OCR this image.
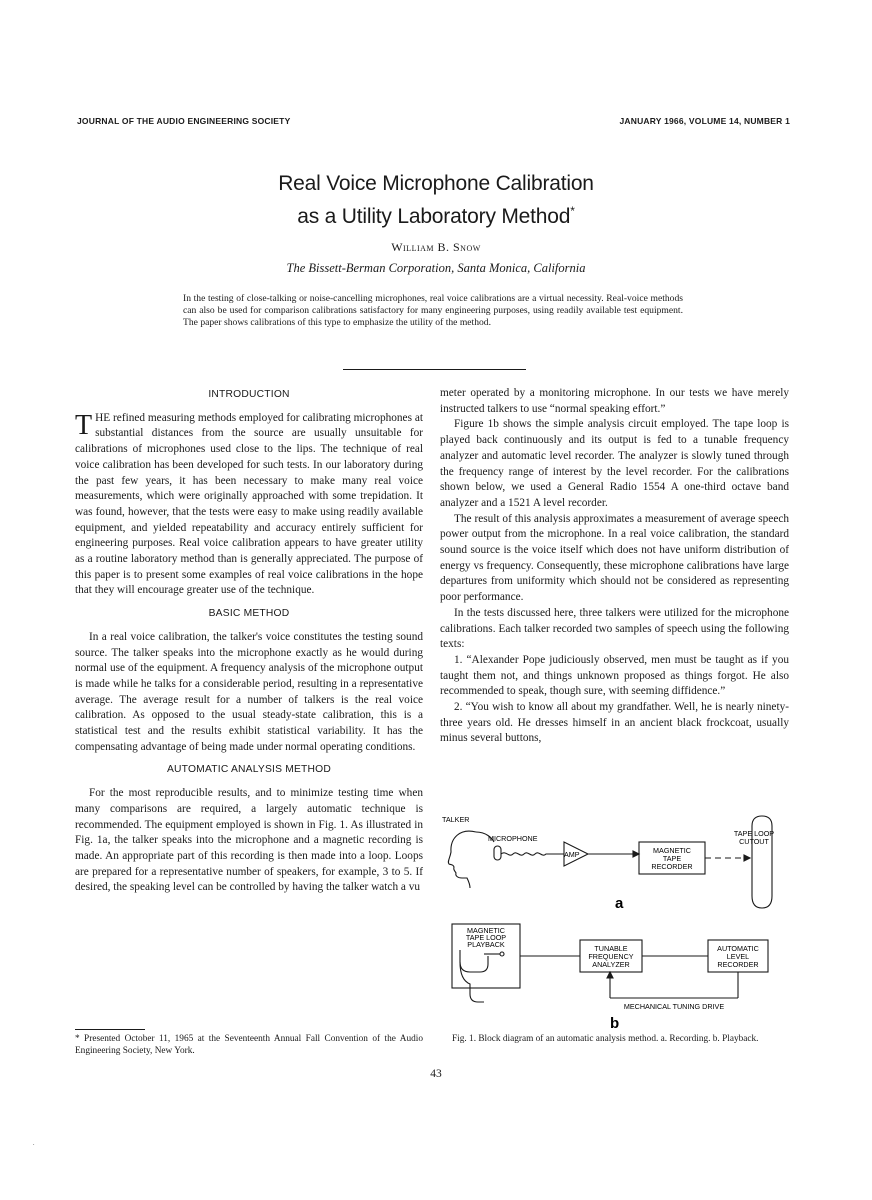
JOURNAL OF THE AUDIO ENGINEERING SOCIETY	JANUARY 1966, VOLUME 14, NUMBER 1
Real Voice Microphone Calibration
as a Utility Laboratory Method*
William B. Snow
The Bissett-Berman Corporation, Santa Monica, California
In the testing of close-talking or noise-cancelling microphones, real voice calibrations are a virtual necessity. Real-voice methods can also be used for comparison calibrations satisfactory for many engineering purposes, using readily available test equipment. The paper shows calibrations of this type to emphasize the utility of the method.
INTRODUCTION

THE refined measuring methods employed for calibrating microphones at substantial distances from the source are usually unsuitable for calibrations of microphones used close to the lips. The technique of real voice calibration has been developed for such tests. In our laboratory during the past few years, it has been necessary to make many real voice measurements, which were originally approached with some trepidation. It was found, however, that the tests were easy to make using readily available equipment, and yielded repeatability and accuracy entirely sufficient for engineering purposes. Real voice calibration appears to have greater utility as a routine laboratory method than is generally appreciated. The purpose of this paper is to present some examples of real voice calibrations in the hope that they will encourage greater use of the technique.

BASIC METHOD

In a real voice calibration, the talker's voice constitutes the testing sound source. The talker speaks into the microphone exactly as he would during normal use of the equipment. A frequency analysis of the microphone output is made while he talks for a considerable period, resulting in a representative average. The average result for a number of talkers is the real voice calibration. As opposed to the usual steady-state calibration, this is a statistical test and the results exhibit statistical variability. It has the compensating advantage of being made under normal operating conditions.

AUTOMATIC ANALYSIS METHOD

For the most reproducible results, and to minimize testing time when many comparisons are required, a largely automatic technique is recommended. The equipment employed is shown in Fig. 1. As illustrated in Fig. 1a, the talker speaks into the microphone and a magnetic recording is made. An appropriate part of this recording is then made into a loop. Loops are prepared for a representative number of speakers, for example, 3 to 5. If desired, the speaking level can be controlled by having the talker watch a vu

* Presented October 11, 1965 at the Seventeenth Annual Fall Convention of the Audio Engineering Society, New York.

meter operated by a monitoring microphone. In our tests we have merely instructed talkers to use “normal speaking effort.”

Figure 1b shows the simple analysis circuit employed. The tape loop is played back continuously and its output is fed to a tunable frequency analyzer and automatic level recorder. The analyzer is slowly tuned through the frequency range of interest by the level recorder. For the calibrations shown below, we used a General Radio 1554 A one-third octave band analyzer and a 1521 A level recorder.

The result of this analysis approximates a measurement of average speech power output from the microphone. In a real voice calibration, the standard sound source is the voice itself which does not have uniform distribution of energy vs frequency. Consequently, these microphone calibrations have large departures from uniformity which should not be considered as representing poor performance.

In the tests discussed here, three talkers were utilized for the microphone calibrations. Each talker recorded two samples of speech using the following texts:

1. “Alexander Pope judiciously observed, men must be taught as if you taught them not, and things unknown proposed as things forgot. He also recommended to speak, though sure, with seeming diffidence.”

2. “You wish to know all about my grandfather. Well, he is nearly ninety-three years old. He dresses himself in an ancient black frockcoat, usually minus several buttons,

TALKER
MICROPHONE
AMP	MAGNETIC
TAPE
RECORDER
TAPE LOOP
CUTOUT
a
MAGNETIC
TAPE LOOP
PLAYBACK	TUNABLE
FREQUENCY
ANALYZER
AUTOMATIC
LEVEL
RECORDER
MECHANICAL TUNING DRIVE
b
Fig. 1. Block diagram of an automatic analysis method. a. Recording. b. Playback.
43
.
